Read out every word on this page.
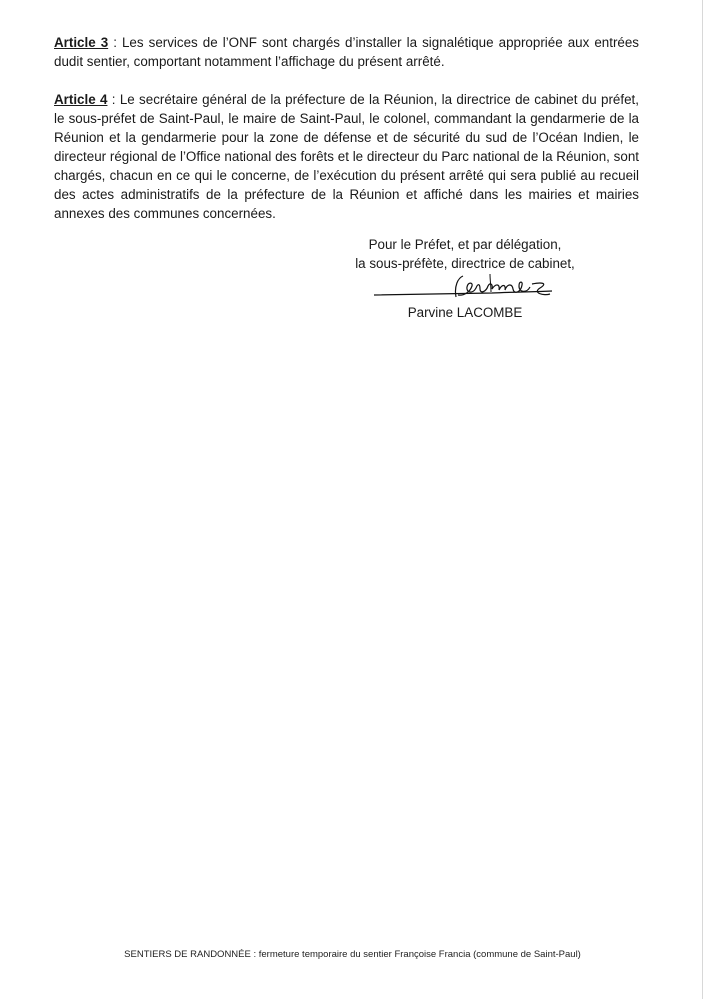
Article 3 : Les services de l’ONF sont chargés d’installer la signalétique appropriée aux entrées dudit sentier, comportant notamment l’affichage du présent arrêté.

Article 4 : Le secrétaire général de la préfecture de la Réunion, la directrice de cabinet du préfet, le sous-préfet de Saint-Paul, le maire de Saint-Paul, le colonel, commandant la gendarmerie de la Réunion et la gendarmerie pour la zone de défense et de sécurité du sud de l’Océan Indien, le directeur régional de l’Office national des forêts et le directeur du Parc national de la Réunion, sont chargés, chacun en ce qui le concerne, de l’exécution du présent arrêté qui sera publié au recueil des actes administratifs de la préfecture de la Réunion et affiché dans les mairies et mairies annexes des communes concernées.

Pour le Préfet, et par délégation,
la sous-préfète, directrice de cabinet,
Parvine LACOMBE
SENTIERS DE RANDONNÉE : fermeture temporaire du sentier Françoise Francia (commune de Saint-Paul)
